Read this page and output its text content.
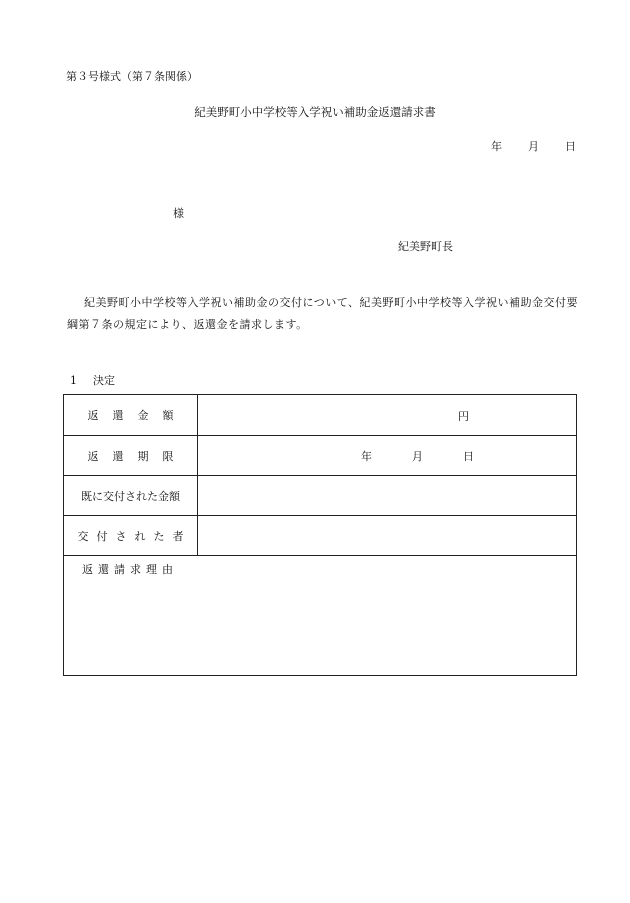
第３号様式（第７条関係）
紀美野町小中学校等入学祝い補助金返還請求書
年 月 日
様
紀美野町長
紀美野町小中学校等入学祝い補助金の交付について、紀美野町小中学校等入学祝い補助金交付要綱第７条の規定により、返還金を請求します。
1 決定
返還金額	円
返還期限	年	月	日
既に交付された金額
交付された者
返還請求理由
